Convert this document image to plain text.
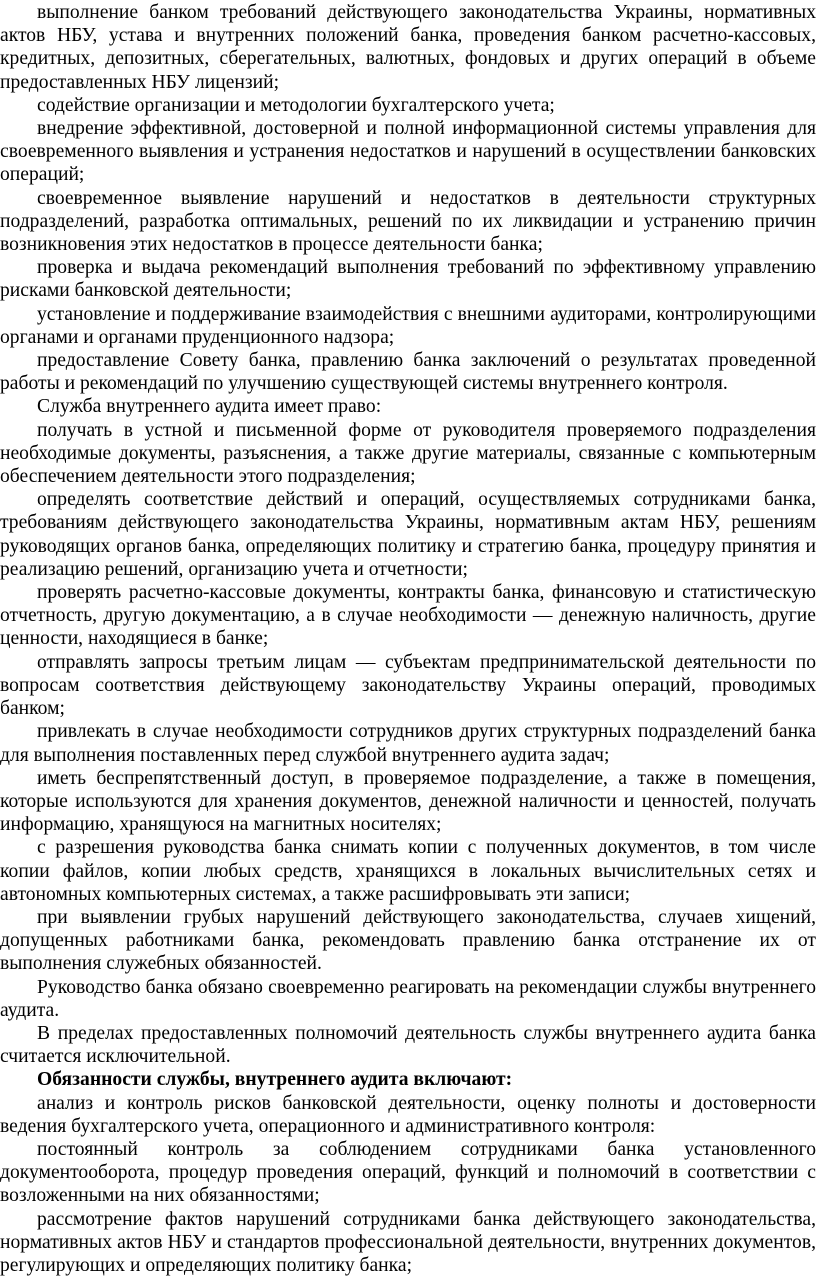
выполнение банком требований действующего законодательства Украины, нормативных актов НБУ, устава и внутренних положений банка, проведения банком расчетно-кассовых, кредитных, депозитных, сберегательных, валютных, фондовых и других операций в объеме предоставленных НБУ лицензий;

содействие организации и методологии бухгалтерского учета;

внедрение эффективной, достоверной и полной информационной системы управления для своевременного выявления и устранения недостатков и нарушений в осуществлении банковских операций;

своевременное выявление нарушений и недостатков в деятельности структурных подразделений, разработка оптимальных, решений по их ликвидации и устранению причин возникновения этих недостатков в процессе деятельности банка;

проверка и выдача рекомендаций выполнения требований по эффективному управлению рисками банковской деятельности;

установление и поддерживание взаимодействия с внешними аудиторами, контролирующими органами и органами пруденционного надзора;

предоставление Совету банка, правлению банка заключений о результатах проведенной работы и рекомендаций по улучшению существующей системы внутреннего контроля.

Служба внутреннего аудита имеет право:

получать в устной и письменной форме от руководителя проверяемого подразделения необходимые документы, разъяснения, а также другие материалы, связанные с компьютерным обеспечением деятельности этого подразделения;

определять соответствие действий и операций, осуществляемых сотрудниками банка, требованиям действующего законодательства Украины, нормативным актам НБУ, решениям руководящих органов банка, определяющих политику и стратегию банка, процедуру принятия и реализацию решений, организацию учета и отчетности;

проверять расчетно-кассовые документы, контракты банка, финансовую и статистическую отчетность, другую документацию, а в случае необходимости — денежную наличность, другие ценности, находящиеся в банке;

отправлять запросы третьим лицам — субъектам предпринимательской деятельности по вопросам соответствия действующему законодательству Украины операций, проводимых банком;

привлекать в случае необходимости сотрудников других структурных подразделений банка для выполнения поставленных перед службой внутреннего аудита задач;

иметь беспрепятственный доступ, в проверяемое подразделение, а также в помещения, которые используются для хранения документов, денежной наличности и ценностей, получать информацию, хранящуюся на магнитных носителях;

с разрешения руководства банка снимать копии с полученных документов, в том числе копии файлов, копии любых средств, хранящихся в локальных вычислительных сетях и автономных компьютерных системах, а также расшифровывать эти записи;

при выявлении грубых нарушений действующего законодательства, случаев хищений, допущенных работниками банка, рекомендовать правлению банка отстранение их от выполнения служебных обязанностей.

Руководство банка обязано своевременно реагировать на рекомендации службы внутреннего аудита.

В пределах предоставленных полномочий деятельность службы внутреннего аудита банка считается исключительной.

Обязанности службы, внутреннего аудита включают:

анализ и контроль рисков банковской деятельности, оценку полноты и достоверности ведения бухгалтерского учета, операционного и административного контроля:

постоянный контроль за соблюдением сотрудниками банка установленного документооборота, процедур проведения операций, функций и полномочий в соответствии с возложенными на них обязанностями;

рассмотрение фактов нарушений сотрудниками банка действующего законодательства, нормативных актов НБУ и стандартов профессиональной деятельности, внутренних документов, регулирующих и определяющих политику банка;
